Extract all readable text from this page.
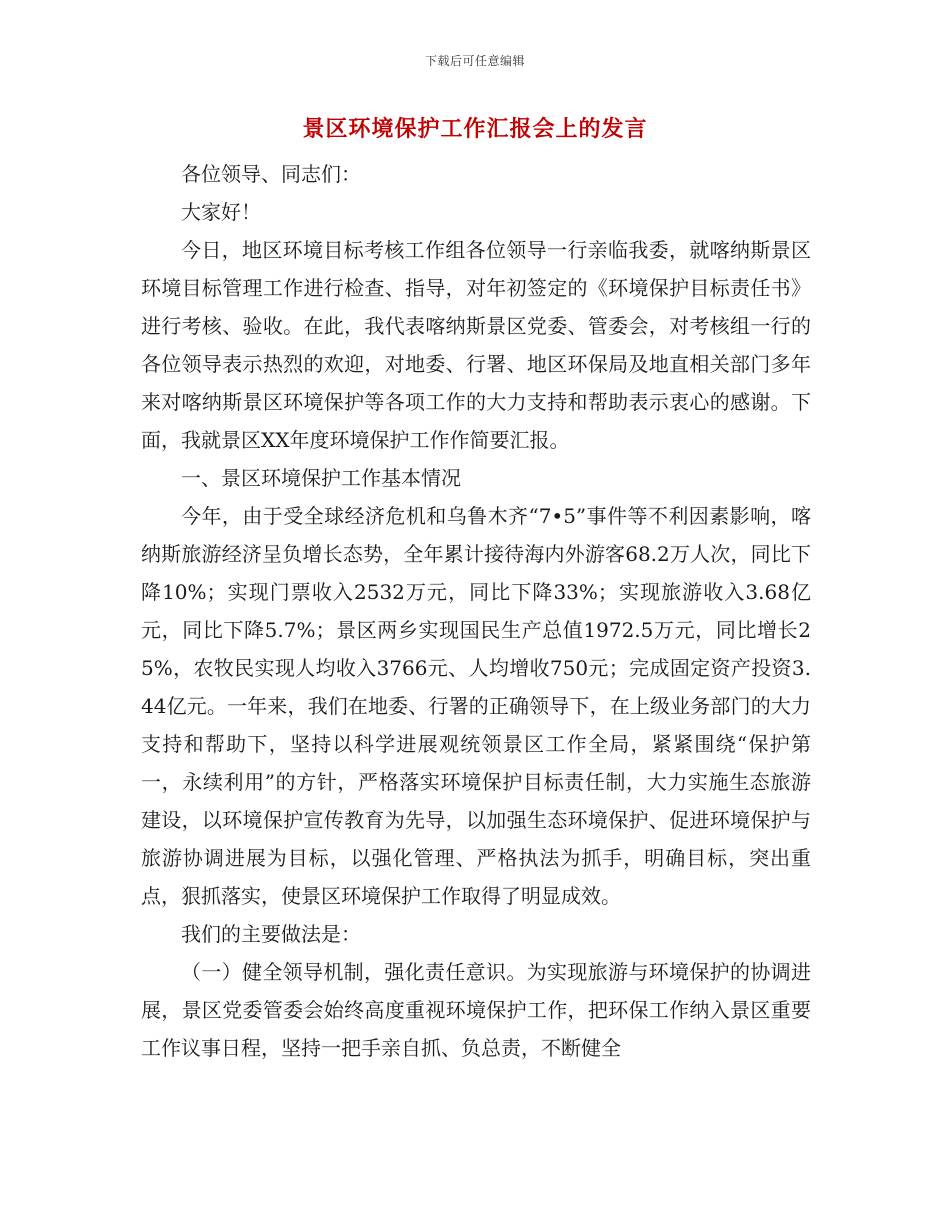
下载后可任意编辑
景区环境保护工作汇报会上的发言

各位领导、同志们：

大家好！

今日，地区环境目标考核工作组各位领导一行亲临我委，就喀纳斯景区环境目标管理工作进行检查、指导，对年初签定的《环境保护目标责任书》进行考核、验收。在此，我代表喀纳斯景区党委、管委会，对考核组一行的各位领导表示热烈的欢迎，对地委、行署、地区环保局及地直相关部门多年来对喀纳斯景区环境保护等各项工作的大力支持和帮助表示衷心的感谢。下面，我就景区XX年度环境保护工作作简要汇报。

一、景区环境保护工作基本情况

今年，由于受全球经济危机和乌鲁木齐“7•5”事件等不利因素影响，喀纳斯旅游经济呈负增长态势，全年累计接待海内外游客68.2万人次，同比下降10%；实现门票收入2532万元，同比下降33%；实现旅游收入3.68亿元，同比下降5.7%；景区两乡实现国民生产总值1972.5万元，同比增长25%，农牧民实现人均收入3766元、人均增收750元；完成固定资产投资3.44亿元。一年来，我们在地委、行署的正确领导下，在上级业务部门的大力支持和帮助下，坚持以科学进展观统领景区工作全局，紧紧围绕“保护第一，永续利用”的方针，严格落实环境保护目标责任制，大力实施生态旅游建设，以环境保护宣传教育为先导，以加强生态环境保护、促进环境保护与旅游协调进展为目标，以强化管理、严格执法为抓手，明确目标，突出重点，狠抓落实，使景区环境保护工作取得了明显成效。

我们的主要做法是：

（一）健全领导机制，强化责任意识。为实现旅游与环境保护的协调进展，景区党委管委会始终高度重视环境保护工作，把环保工作纳入景区重要工作议事日程，坚持一把手亲自抓、负总责，不断健全
